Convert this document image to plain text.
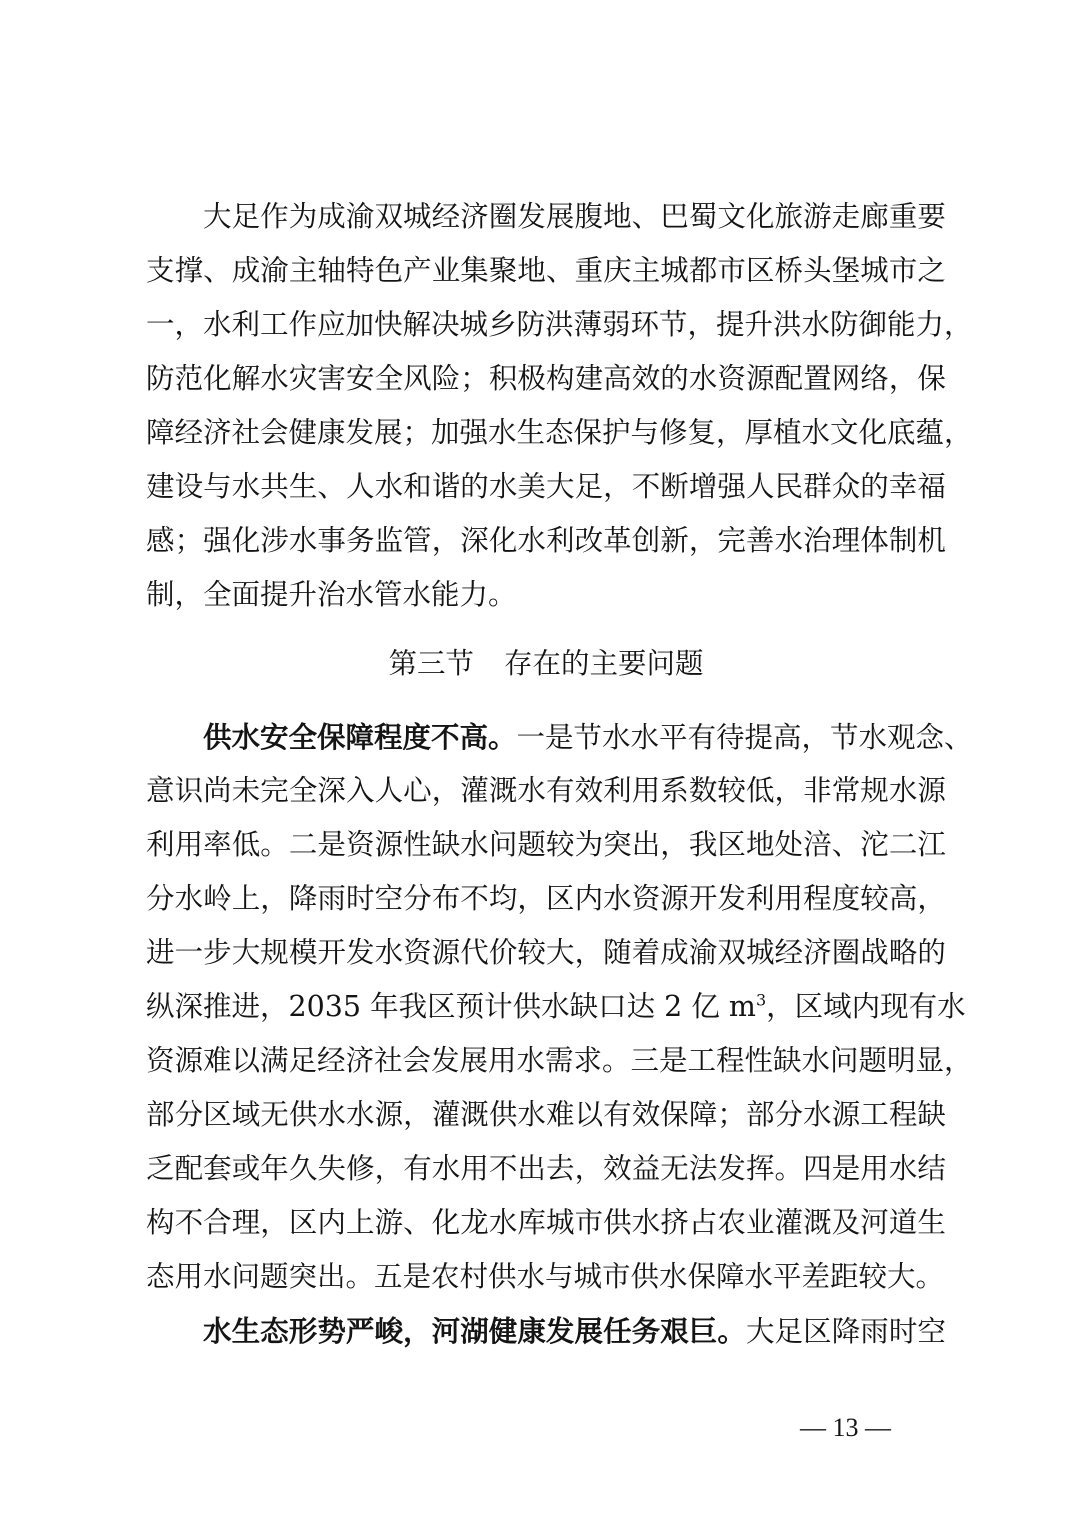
大足作为成渝双城经济圈发展腹地、巴蜀文化旅游走廊重要
支撑、成渝主轴特色产业集聚地、重庆主城都市区桥头堡城市之
一，水利工作应加快解决城乡防洪薄弱环节，提升洪水防御能力，
防范化解水灾害安全风险；积极构建高效的水资源配置网络，保
障经济社会健康发展；加强水生态保护与修复，厚植水文化底蕴，
建设与水共生、人水和谐的水美大足，不断增强人民群众的幸福
感；强化涉水事务监管，深化水利改革创新，完善水治理体制机
制，全面提升治水管水能力。
第三节 存在的主要问题
供水安全保障程度不高。一是节水水平有待提高，节水观念、
意识尚未完全深入人心，灌溉水有效利用系数较低，非常规水源
利用率低。二是资源性缺水问题较为突出，我区地处涪、沱二江
分水岭上，降雨时空分布不均，区内水资源开发利用程度较高，
进一步大规模开发水资源代价较大，随着成渝双城经济圈战略的
纵深推进，2035 年我区预计供水缺口达 2 亿 $m^3$，区域内现有水
资源难以满足经济社会发展用水需求。三是工程性缺水问题明显，
部分区域无供水水源，灌溉供水难以有效保障；部分水源工程缺
乏配套或年久失修，有水用不出去，效益无法发挥。四是用水结
构不合理，区内上游、化龙水库城市供水挤占农业灌溉及河道生
态用水问题突出。五是农村供水与城市供水保障水平差距较大。
水生态形势严峻，河湖健康发展任务艰巨。大足区降雨时空
— 13 —
